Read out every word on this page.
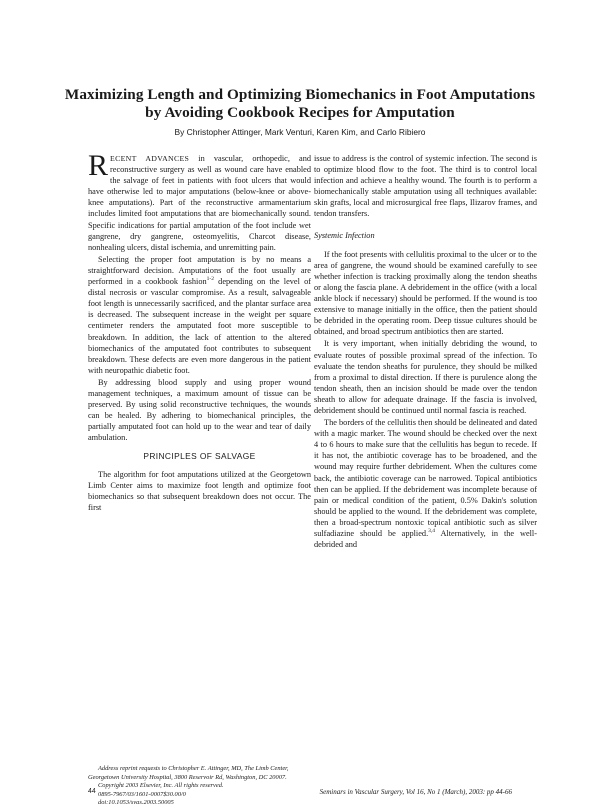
Maximizing Length and Optimizing Biomechanics in Foot Amputations by Avoiding Cookbook Recipes for Amputation
By Christopher Attinger, Mark Venturi, Karen Kim, and Carlo Ribiero

RECENT ADVANCES in vascular, orthopedic, and reconstructive surgery as well as wound care have enabled the salvage of feet in patients with foot ulcers that would have otherwise led to major amputations (below-knee or above-knee amputations). Part of the reconstructive armamentarium includes limited foot amputations that are biomechanically sound. Specific indications for partial amputation of the foot include wet gangrene, dry gangrene, osteomyelitis, Charcot disease, nonhealing ulcers, distal ischemia, and unremitting pain.

Selecting the proper foot amputation is by no means a straightforward decision. Amputations of the foot usually are performed in a cookbook fashion$^{1-2}$ depending on the level of distal necrosis or vascular compromise. As a result, salvageable foot length is unnecessarily sacrificed, and the plantar surface area is decreased. The subsequent increase in the weight per square centimeter renders the amputated foot more susceptible to breakdown. In addition, the lack of attention to the altered biomechanics of the amputated foot contributes to subsequent breakdown. These defects are even more dangerous in the patient with neuropathic diabetic foot.

By addressing blood supply and using proper wound management techniques, a maximum amount of tissue can be preserved. By using solid reconstructive techniques, the wounds can be healed. By adhering to biomechanical principles, the partially amputated foot can hold up to the wear and tear of daily ambulation.

PRINCIPLES OF SALVAGE

The algorithm for foot amputations utilized at the Georgetown Limb Center aims to maximize foot length and optimize foot biomechanics so that subsequent breakdown does not occur. The first

issue to address is the control of systemic infection. The second is to optimize blood flow to the foot. The third is to control local infection and achieve a healthy wound. The fourth is to perform a biomechanically stable amputation using all techniques available: skin grafts, local and microsurgical free flaps, Ilizarov frames, and tendon transfers.

Systemic Infection

If the foot presents with cellulitis proximal to the ulcer or to the area of gangrene, the wound should be examined carefully to see whether infection is tracking proximally along the tendon sheaths or along the fascia plane. A debridement in the office (with a local ankle block if necessary) should be performed. If the wound is too extensive to manage initially in the office, then the patient should be debrided in the operating room. Deep tissue cultures should be obtained, and broad spectrum antibiotics then are started.

It is very important, when initially debriding the wound, to evaluate routes of possible proximal spread of the infection. To evaluate the tendon sheaths for purulence, they should be milked from a proximal to distal direction. If there is purulence along the tendon sheath, then an incision should be made over the tendon sheath to allow for adequate drainage. If the fascia is involved, debridement should be continued until normal fascia is reached.

The borders of the cellulitis then should be delineated and dated with a magic marker. The wound should be checked over the next 4 to 6 hours to make sure that the cellulitis has begun to recede. If it has not, the antibiotic coverage has to be broadened, and the wound may require further debridement. When the cultures come back, the antibiotic coverage can be narrowed. Topical antibiotics then can be applied. If the debridement was incomplete because of pain or medical condition of the patient, 0.5% Dakin's solution should be applied to the wound. If the debridement was complete, then a broad-spectrum nontoxic topical antibiotic such as silver sulfadiazine should be applied.$^{3,4}$ Alternatively, in the well-debrided and

Address reprint requests to Christopher E. Attinger, MD, The Limb Center, Georgetown University Hospital, 3800 Reservoir Rd, Washington, DC 20007.

Copyright 2003 Elsevier, Inc. All rights reserved.

0895-7967/03/1601-0007$30.00/0

doi:10.1053/svas.2003.50005

44	Seminars in Vascular Surgery, Vol 16, No 1 (March), 2003: pp 44-66
